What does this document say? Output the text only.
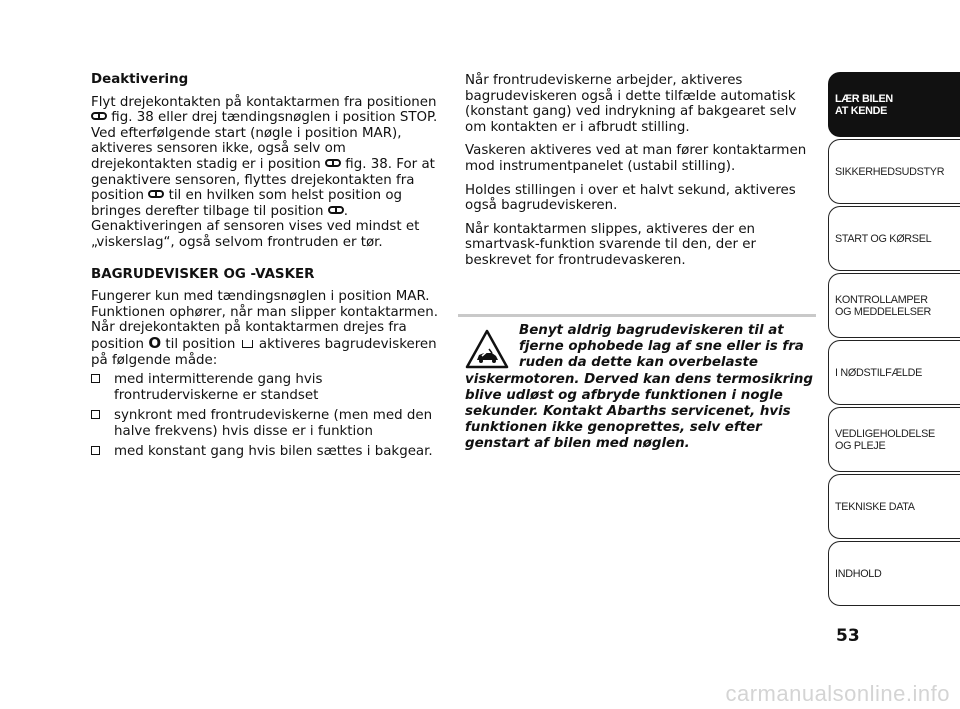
Deaktivering

Flyt drejekontakten på kontaktarmen fra positionen  fig. 38 eller drej tændingsnøglen i position STOP. Ved efterfølgende start (nøgle i position MAR), aktiveres sensoren ikke, også selv om drejekontakten stadig er i position fig. 38. For at genaktivere sensoren, flyttes drejekontakten fra position til en hvilken som helst position og bringes derefter tilbage til position . Genaktiveringen af sensoren vises ved mindst et „viskerslag“, også selvom frontruden er tør.

BAGRUDEVISKER OG -VASKER

Fungerer kun med tændingsnøglen i position MAR. Funktionen ophører, når man slipper kontaktarmen. Når drejekontakten på kontaktarmen drejes fra position O til position aktiveres bagrudeviskeren på følgende måde:

med intermitterende gang hvis frontruderviskerne er standset
synkront med frontrudeviskerne (men med den halve frekvens) hvis disse er i funktion
med konstant gang hvis bilen sættes i bakgear.

Når frontrudeviskerne arbejder, aktiveres bagrudeviskeren også i dette tilfælde automatisk (konstant gang) ved indrykning af bakgearet selv om kontakten er i afbrudt stilling.

Vaskeren aktiveres ved at man fører kontaktarmen mod instrumentpanelet (ustabil stilling).

Holdes stillingen i over et halvt sekund, aktiveres også bagrudeviskeren.

Når kontaktarmen slippes, aktiveres der en smartvask-funktion svarende til den, der er beskrevet for frontrudevaskeren.

Benyt aldrig bagrudeviskeren til at fjerne ophobede lag af sne eller is fra ruden da dette kan overbelaste viskermotoren. Derved kan dens termosikring blive udløst og afbryde funktionen i nogle sekunder. Kontakt Abarths servicenet, hvis funktionen ikke genoprettes, selv efter genstart af bilen med nøglen.
LÆR BILEN
AT KENDE
SIKKERHEDSUDSTYR
START OG KØRSEL
KONTROLLAMPER
OG MEDDELELSER
I NØDSTILFÆLDE
VEDLIGEHOLDELSE
OG PLEJE
TEKNISKE DATA
INDHOLD
53
carmanualsonline.info
